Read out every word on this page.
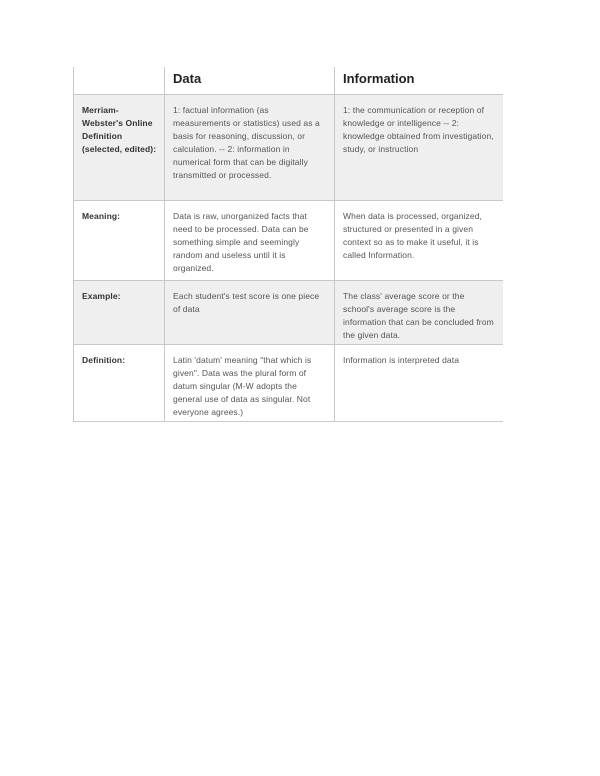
	Data	Information
Merriam-Webster's Online Definition (selected, edited):	1: factual information (as measurements or statistics) used as a basis for reasoning, discussion, or calculation. -- 2: information in numerical form that can be digitally transmitted or processed.	1: the communication or reception of knowledge or intelligence -- 2: knowledge obtained from investigation, study, or instruction
Meaning:	Data is raw, unorganized facts that need to be processed. Data can be something simple and seemingly random and useless until it is organized.	When data is processed, organized, structured or presented in a given context so as to make it useful, it is called Information.
Example:	Each student's test score is one piece of data	The class' average score or the school's average score is the information that can be concluded from the given data.
Definition:	Latin 'datum' meaning "that which is given". Data was the plural form of datum singular (M-W adopts the general use of data as singular. Not everyone agrees.)	Information is interpreted data
